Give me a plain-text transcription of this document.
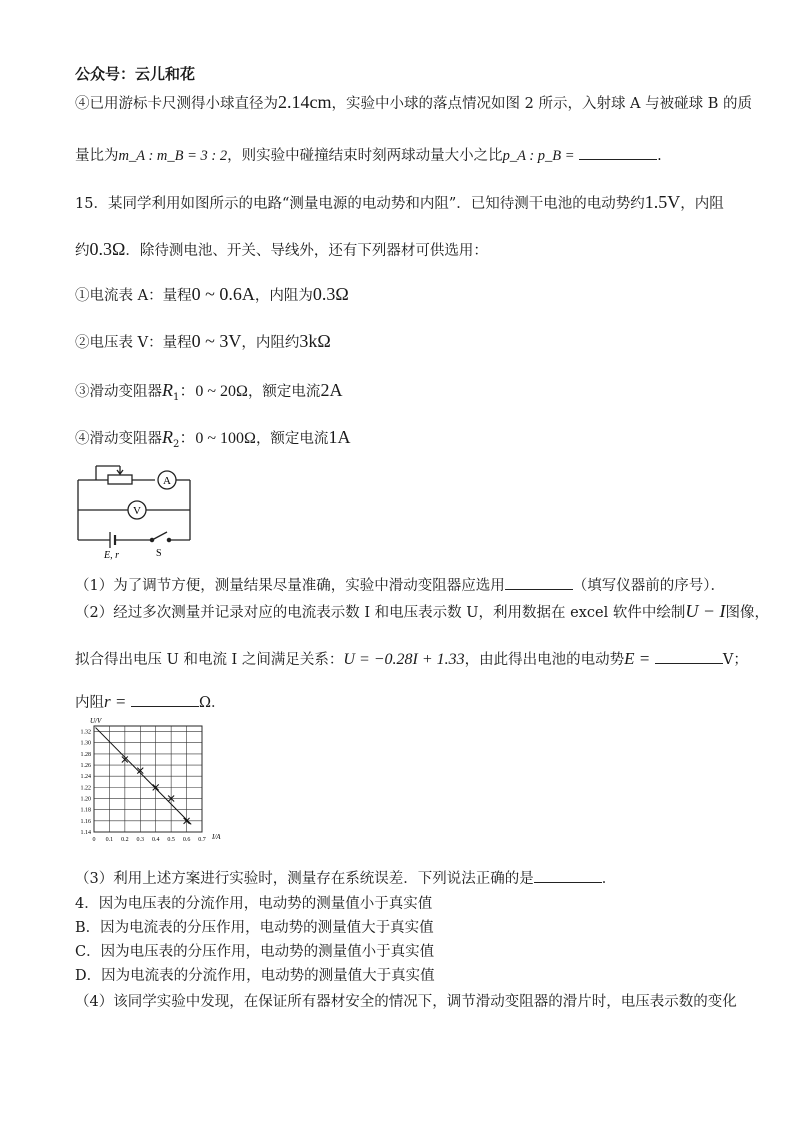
公众号：云儿和花
④已用游标卡尺测得小球直径为2.14cm，实验中小球的落点情况如图 2 所示，入射球 A 与被碰球 B 的质
量比为m_A : m_B = 3 : 2，则实验中碰撞结束时刻两球动量大小之比p_A : p_B =	.
15．某同学利用如图所示的电路“测量电源的电动势和内阻”．已知待测干电池的电动势约1.5V，内阻
约0.3Ω．除待测电池、开关、导线外，还有下列器材可供选用：
①电流表 A：量程0 ~ 0.6A，内阻为0.3Ω
②电压表 V：量程0 ~ 3V，内阻约3kΩ
③滑动变阻器$R_1$：0 ~ 20Ω，额定电流2A
④滑动变阻器$R_2$：0 ~ 100Ω，额定电流1A
A
V
E, r	S
（1）为了调节方便，测量结果尽量准确，实验中滑动变阻器应选用	（填写仪器前的序号）．
（2）经过多次测量并记录对应的电流表示数 I 和电压表示数 U，利用数据在 excel 软件中绘制U − I图像，
拟合得出电压 U 和电流 I 之间满足关系：U = −0.28I + 1.33，由此得出电池的电动势E =	V；
内阻r =	Ω．
U/V
I/A
0 0.1 0.2 0.3 0.4 0.5 0.6 0.7
1.14
1.16
1.18
1.20
1.22
1.24
1.26
1.28
1.30
1.32
（3）利用上述方案进行实验时，测量存在系统误差．下列说法正确的是	．
4．因为电压表的分流作用，电动势的测量值小于真实值
B．因为电流表的分压作用，电动势的测量值大于真实值
C．因为电压表的分压作用，电动势的测量值小于真实值
D．因为电流表的分流作用，电动势的测量值大于真实值
（4）该同学实验中发现，在保证所有器材安全的情况下，调节滑动变阻器的滑片时，电压表示数的变化
